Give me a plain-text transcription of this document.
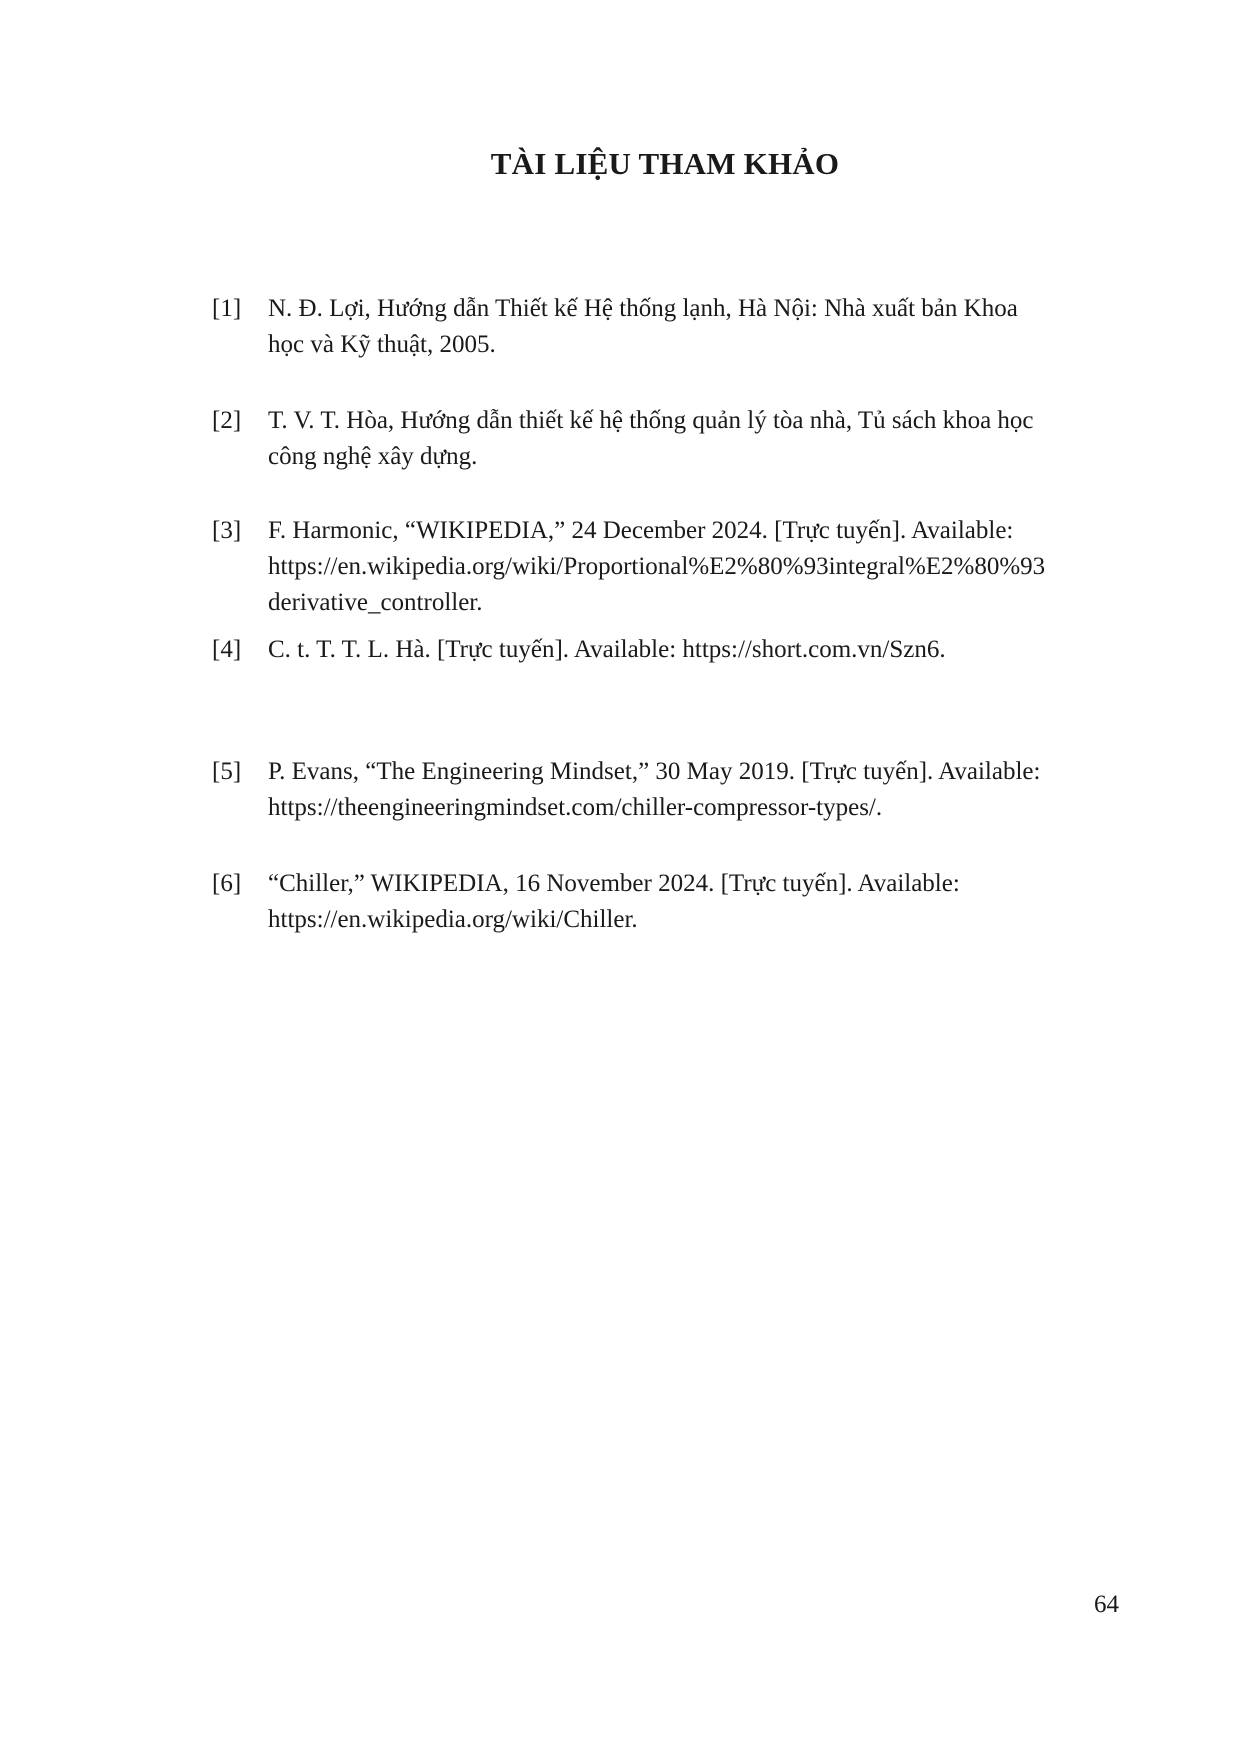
TÀI LIỆU THAM KHẢO
[1]	N. Đ. Lợi, Hướng dẫn Thiết kế Hệ thống lạnh, Hà Nội: Nhà xuất bản Khoa
học và Kỹ thuật, 2005.
[2]	T. V. T. Hòa, Hướng dẫn thiết kế hệ thống quản lý tòa nhà, Tủ sách khoa học
công nghệ xây dựng.
[3]	F. Harmonic, “WIKIPEDIA,” 24 December 2024. [Trực tuyến]. Available:
https://en.wikipedia.org/wiki/Proportional%E2%80%93integral%E2%80%93
derivative_controller.
[4]	C. t. T. T. L. Hà. [Trực tuyến]. Available: https://short.com.vn/Szn6.
[5]	P. Evans, “The Engineering Mindset,” 30 May 2019. [Trực tuyến]. Available:
https://theengineeringmindset.com/chiller-compressor-types/.
[6]	“Chiller,” WIKIPEDIA, 16 November 2024. [Trực tuyến]. Available:
https://en.wikipedia.org/wiki/Chiller.
64
